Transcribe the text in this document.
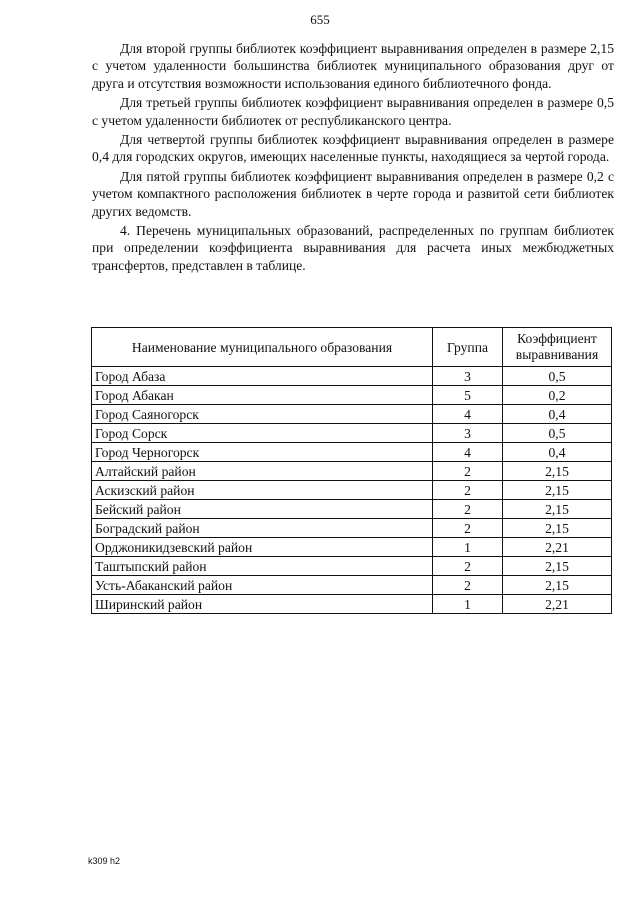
655

Для второй группы библиотек коэффициент выравнивания определен в размере 2,15 с учетом удаленности большинства библиотек муниципального образования друг от друга и отсутствия возможности использования единого библиотечного фонда.

Для третьей группы библиотек коэффициент выравнивания определен в размере 0,5 с учетом удаленности библиотек от республиканского центра.

Для четвертой группы библиотек коэффициент выравнивания определен в размере 0,4 для городских округов, имеющих населенные пункты, находящиеся за чертой города.

Для пятой группы библиотек коэффициент выравнивания определен в размере 0,2 с учетом компактного расположения библиотек в черте города и развитой сети библиотек других ведомств.

4. Перечень муниципальных образований, распределенных по группам библиотек при определении коэффициента выравнивания для расчета иных межбюджетных трансфертов, представлен в таблице.

Наименование муниципального образования	Группа	Коэффициент выравнивания
Город Абаза	3	0,5
Город Абакан	5	0,2
Город Саяногорск	4	0,4
Город Сорск	3	0,5
Город Черногорск	4	0,4
Алтайский район	2	2,15
Аскизский район	2	2,15
Бейский район	2	2,15
Боградский район	2	2,15
Орджоникидзевский район	1	2,21
Таштыпский район	2	2,15
Усть-Абаканский район	2	2,15
Ширинский район	1	2,21
k309 h2
